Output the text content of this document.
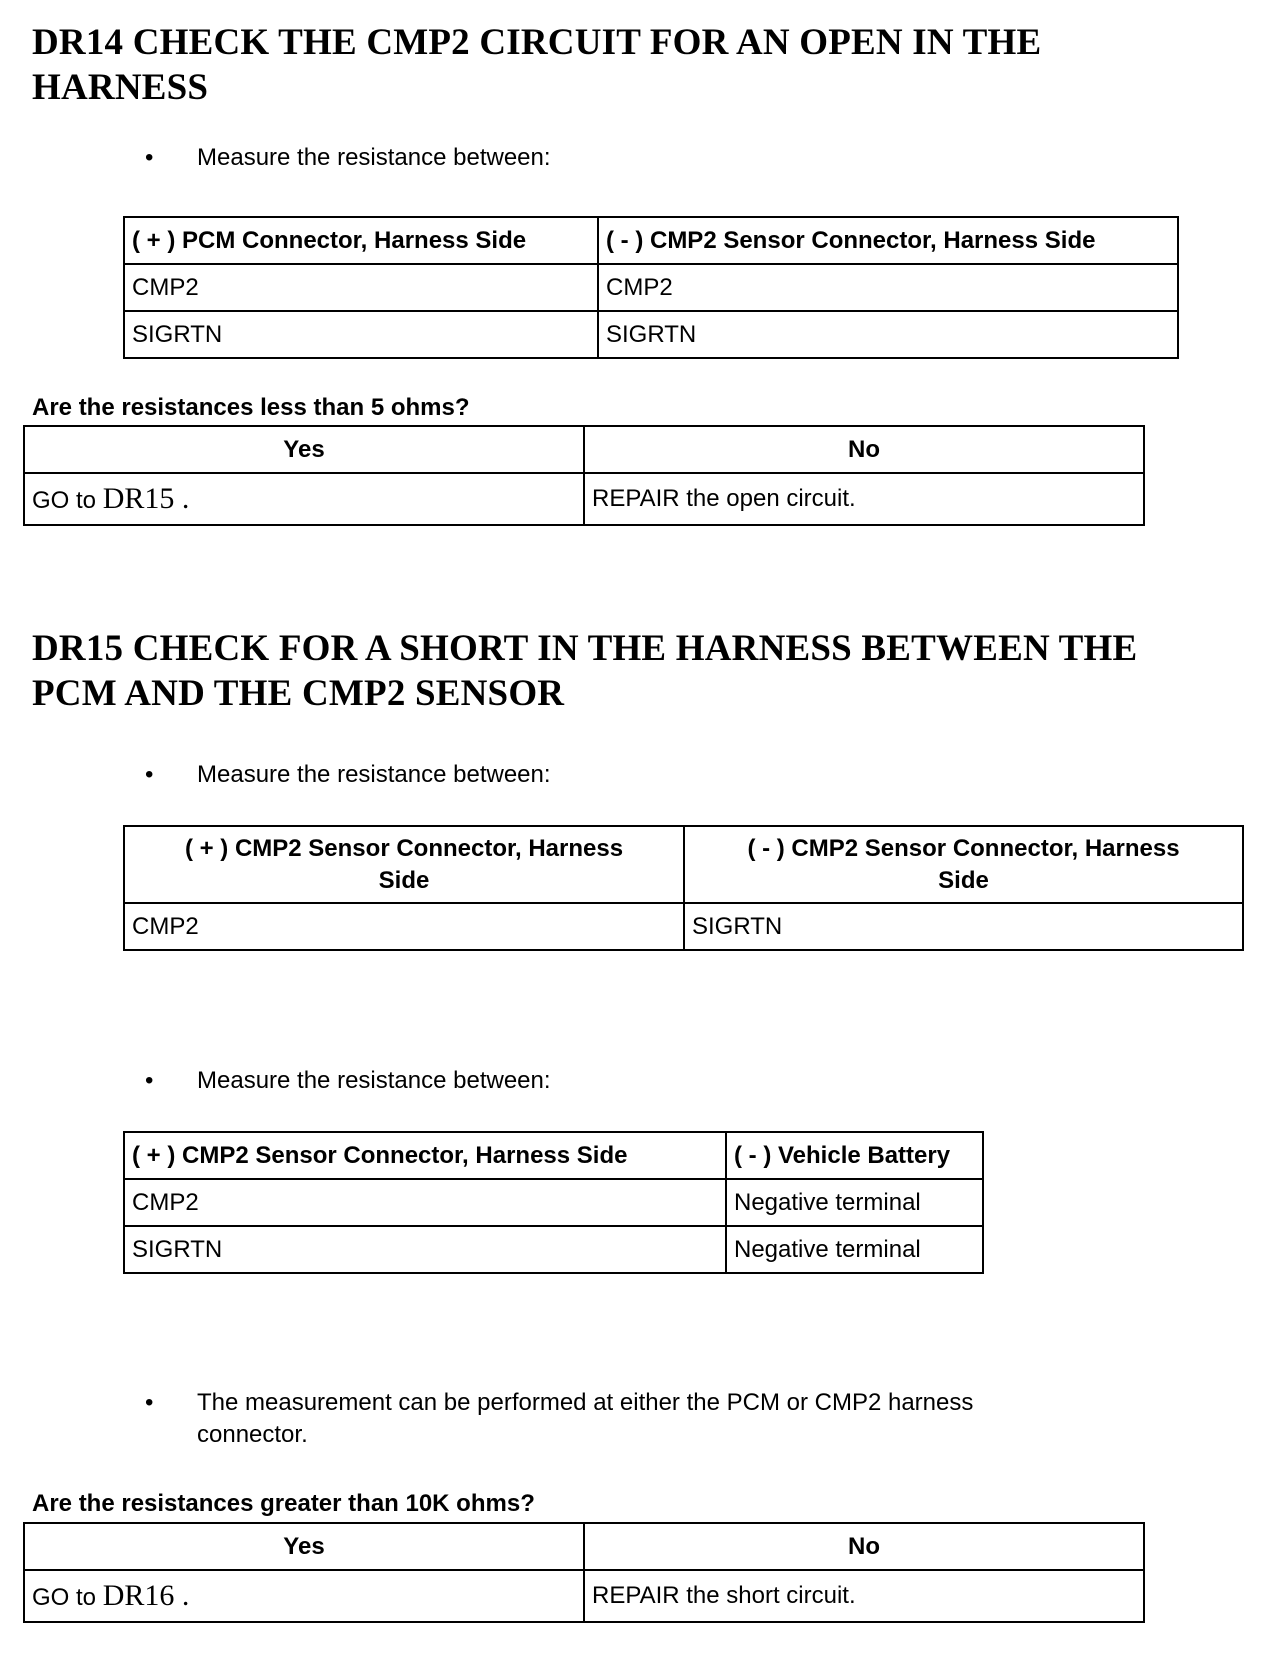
DR14 CHECK THE CMP2 CIRCUIT FOR AN OPEN IN THE
HARNESS
• Measure the resistance between:
( + ) PCM Connector, Harness Side	( - ) CMP2 Sensor Connector, Harness Side
CMP2	CMP2
SIGRTN	SIGRTN
Are the resistances less than 5 ohms?
Yes	No
GO to DR15 .	REPAIR the open circuit.
DR15 CHECK FOR A SHORT IN THE HARNESS BETWEEN THE
PCM AND THE CMP2 SENSOR
• Measure the resistance between:
( + ) CMP2 Sensor Connector, Harness
Side	( - ) CMP2 Sensor Connector, Harness
Side
CMP2	SIGRTN
• Measure the resistance between:
( + ) CMP2 Sensor Connector, Harness Side	( - ) Vehicle Battery
CMP2	Negative terminal
SIGRTN	Negative terminal
• The measurement can be performed at either the PCM or CMP2 harness
connector.
Are the resistances greater than 10K ohms?
Yes	No
GO to DR16 .	REPAIR the short circuit.
